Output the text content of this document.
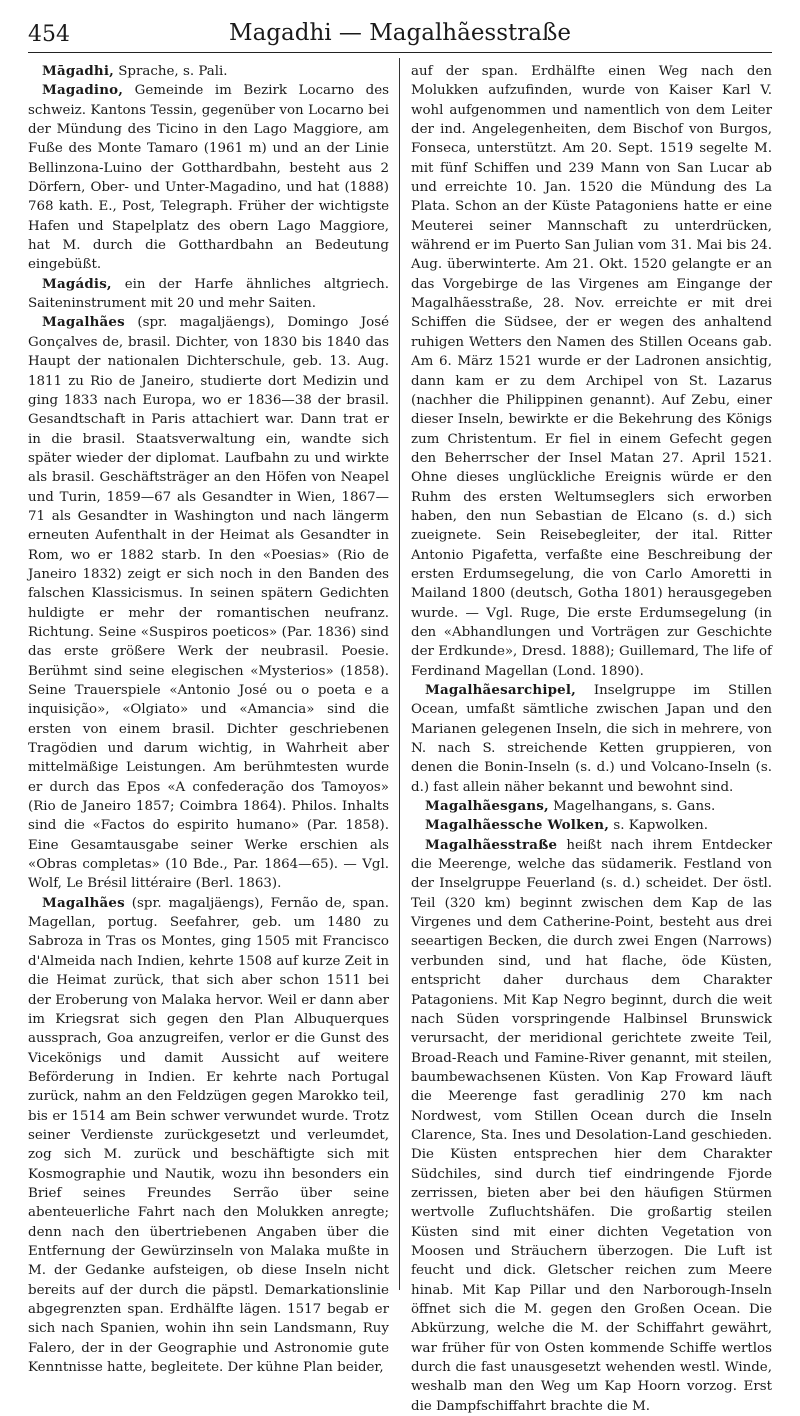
454	Magadhi — Magalhãesstraße

Māgadhi, Sprache, s. Pali.

Magadino, Gemeinde im Bezirk Locarno des schweiz. Kantons Tessin, gegenüber von Locarno bei der Mündung des Ticino in den Lago Maggiore, am Fuße des Monte Tamaro (1961 m) und an der Linie Bellinzona-Luino der Gotthardbahn, besteht aus 2 Dörfern, Ober- und Unter-Magadino, und hat (1888) 768 kath. E., Post, Telegraph. Früher der wichtigste Hafen und Stapelplatz des obern Lago Maggiore, hat M. durch die Gotthardbahn an Bedeutung eingebüßt.

Magádis, ein der Harfe ähnliches altgriech. Saiteninstrument mit 20 und mehr Saiten.

Magalhães (spr. magaljäengs), Domingo José Gonçalves de, brasil. Dichter, von 1830 bis 1840 das Haupt der nationalen Dichterschule, geb. 13. Aug. 1811 zu Rio de Janeiro, studierte dort Medizin und ging 1833 nach Europa, wo er 1836—38 der brasil. Gesandtschaft in Paris attachiert war. Dann trat er in die brasil. Staatsverwaltung ein, wandte sich später wieder der diplomat. Laufbahn zu und wirkte als brasil. Geschäftsträger an den Höfen von Neapel und Turin, 1859—67 als Gesandter in Wien, 1867—71 als Gesandter in Washington und nach längerm erneuten Aufenthalt in der Heimat als Gesandter in Rom, wo er 1882 starb. In den «Poesias» (Rio de Janeiro 1832) zeigt er sich noch in den Banden des falschen Klassicismus. In seinen spätern Gedichten huldigte er mehr der romantischen neufranz. Richtung. Seine «Suspiros poeticos» (Par. 1836) sind das erste größere Werk der neubrasil. Poesie. Berühmt sind seine elegischen «Mysterios» (1858). Seine Trauerspiele «Antonio José ou o poeta e a inquisição», «Olgiato» und «Amancia» sind die ersten von einem brasil. Dichter geschriebenen Tragödien und darum wichtig, in Wahrheit aber mittelmäßige Leistungen. Am berühmtesten wurde er durch das Epos «A confederação dos Tamoyos» (Rio de Janeiro 1857; Coimbra 1864). Philos. Inhalts sind die «Factos do espirito humano» (Par. 1858). Eine Gesamtausgabe seiner Werke erschien als «Obras completas» (10 Bde., Par. 1864—65). — Vgl. Wolf, Le Brésil littéraire (Berl. 1863).

Magalhães (spr. magaljäengs), Fernão de, span. Magellan, portug. Seefahrer, geb. um 1480 zu Sabroza in Tras os Montes, ging 1505 mit Francisco d'Almeida nach Indien, kehrte 1508 auf kurze Zeit in die Heimat zurück, that sich aber schon 1511 bei der Eroberung von Malaka hervor. Weil er dann aber im Kriegsrat sich gegen den Plan Albuquerques aussprach, Goa anzugreifen, verlor er die Gunst des Vicekönigs und damit Aussicht auf weitere Beförderung in Indien. Er kehrte nach Portugal zurück, nahm an den Feldzügen gegen Marokko teil, bis er 1514 am Bein schwer verwundet wurde. Trotz seiner Verdienste zurückgesetzt und verleumdet, zog sich M. zurück und beschäftigte sich mit Kosmographie und Nautik, wozu ihn besonders ein Brief seines Freundes Serrão über seine abenteuerliche Fahrt nach den Molukken anregte; denn nach den übertriebenen Angaben über die Entfernung der Gewürzinseln von Malaka mußte in M. der Gedanke aufsteigen, ob diese Inseln nicht bereits auf der durch die päpstl. Demarkationslinie abgegrenzten span. Erdhälfte lägen. 1517 begab er sich nach Spanien, wohin ihn sein Landsmann, Ruy Falero, der in der Geographie und Astronomie gute Kenntnisse hatte, begleitete. Der kühne Plan beider,

auf der span. Erdhälfte einen Weg nach den Molukken aufzufinden, wurde von Kaiser Karl V. wohl aufgenommen und namentlich von dem Leiter der ind. Angelegenheiten, dem Bischof von Burgos, Fonseca, unterstützt. Am 20. Sept. 1519 segelte M. mit fünf Schiffen und 239 Mann von San Lucar ab und erreichte 10. Jan. 1520 die Mündung des La Plata. Schon an der Küste Patagoniens hatte er eine Meuterei seiner Mannschaft zu unterdrücken, während er im Puerto San Julian vom 31. Mai bis 24. Aug. überwinterte. Am 21. Okt. 1520 gelangte er an das Vorgebirge de las Virgenes am Eingange der Magalhãesstraße, 28. Nov. erreichte er mit drei Schiffen die Südsee, der er wegen des anhaltend ruhigen Wetters den Namen des Stillen Oceans gab. Am 6. März 1521 wurde er der Ladronen ansichtig, dann kam er zu dem Archipel von St. Lazarus (nachher die Philippinen genannt). Auf Zebu, einer dieser Inseln, bewirkte er die Bekehrung des Königs zum Christentum. Er fiel in einem Gefecht gegen den Beherrscher der Insel Matan 27. April 1521. Ohne dieses unglückliche Ereignis würde er den Ruhm des ersten Weltumseglers sich erworben haben, den nun Sebastian de Elcano (s. d.) sich zueignete. Sein Reisebegleiter, der ital. Ritter Antonio Pigafetta, verfaßte eine Beschreibung der ersten Erdumsegelung, die von Carlo Amoretti in Mailand 1800 (deutsch, Gotha 1801) herausgegeben wurde. — Vgl. Ruge, Die erste Erdumsegelung (in den «Abhandlungen und Vorträgen zur Geschichte der Erdkunde», Dresd. 1888); Guillemard, The life of Ferdinand Magellan (Lond. 1890).

Magalhãesarchipel, Inselgruppe im Stillen Ocean, umfaßt sämtliche zwischen Japan und den Marianen gelegenen Inseln, die sich in mehrere, von N. nach S. streichende Ketten gruppieren, von denen die Bonin-Inseln (s. d.) und Volcano-Inseln (s. d.) fast allein näher bekannt und bewohnt sind.

Magalhãesgans, Magelhangans, s. Gans.

Magalhãessche Wolken, s. Kapwolken.

Magalhãesstraße heißt nach ihrem Entdecker die Meerenge, welche das südamerik. Festland von der Inselgruppe Feuerland (s. d.) scheidet. Der östl. Teil (320 km) beginnt zwischen dem Kap de las Virgenes und dem Catherine-Point, besteht aus drei seeartigen Becken, die durch zwei Engen (Narrows) verbunden sind, und hat flache, öde Küsten, entspricht daher durchaus dem Charakter Patagoniens. Mit Kap Negro beginnt, durch die weit nach Süden vorspringende Halbinsel Brunswick verursacht, der meridional gerichtete zweite Teil, Broad-Reach und Famine-River genannt, mit steilen, baumbewachsenen Küsten. Von Kap Froward läuft die Meerenge fast geradlinig 270 km nach Nordwest, vom Stillen Ocean durch die Inseln Clarence, Sta. Ines und Desolation-Land geschieden. Die Küsten entsprechen hier dem Charakter Südchiles, sind durch tief eindringende Fjorde zerrissen, bieten aber bei den häufigen Stürmen wertvolle Zufluchtshäfen. Die großartig steilen Küsten sind mit einer dichten Vegetation von Moosen und Sträuchern überzogen. Die Luft ist feucht und dick. Gletscher reichen zum Meere hinab. Mit Kap Pillar und den Narborough-Inseln öffnet sich die M. gegen den Großen Ocean. Die Abkürzung, welche die M. der Schiffahrt gewährt, war früher für von Osten kommende Schiffe wertlos durch die fast unausgesetzt wehenden westl. Winde, weshalb man den Weg um Kap Hoorn vorzog. Erst die Dampfschiffahrt brachte die M.
